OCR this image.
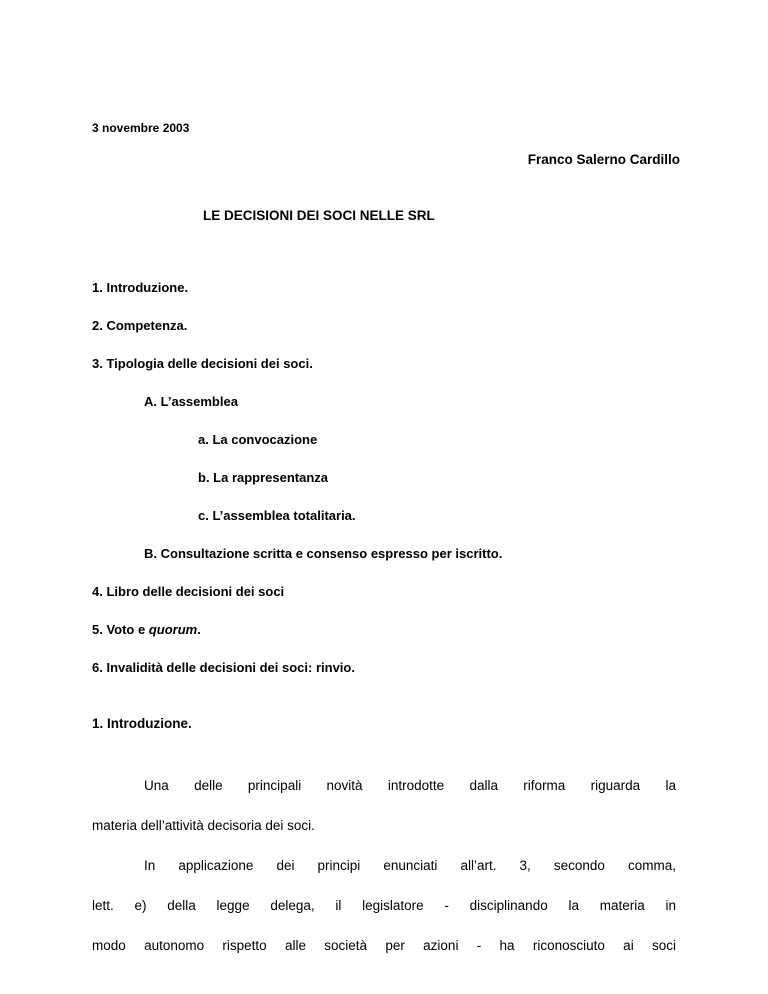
3 novembre 2003
Franco Salerno Cardillo
LE DECISIONI DEI SOCI NELLE SRL
1. Introduzione.
2. Competenza.
3. Tipologia delle decisioni dei soci.
A. L’assemblea
a. La convocazione
b. La rappresentanza
c. L’assemblea totalitaria.
B. Consultazione scritta e consenso espresso per iscritto.
4. Libro delle decisioni dei soci
5. Voto e quorum.
6. Invalidità delle decisioni dei soci: rinvio.
1. Introduzione.
Una delle principali novità introdotte dalla riforma riguarda la
materia dell’attività decisoria dei soci.
In applicazione dei principi enunciati all’art. 3, secondo comma,
lett. e) della legge delega, il legislatore - disciplinando la materia in
modo autonomo rispetto alle società per azioni - ha riconosciuto ai soci
